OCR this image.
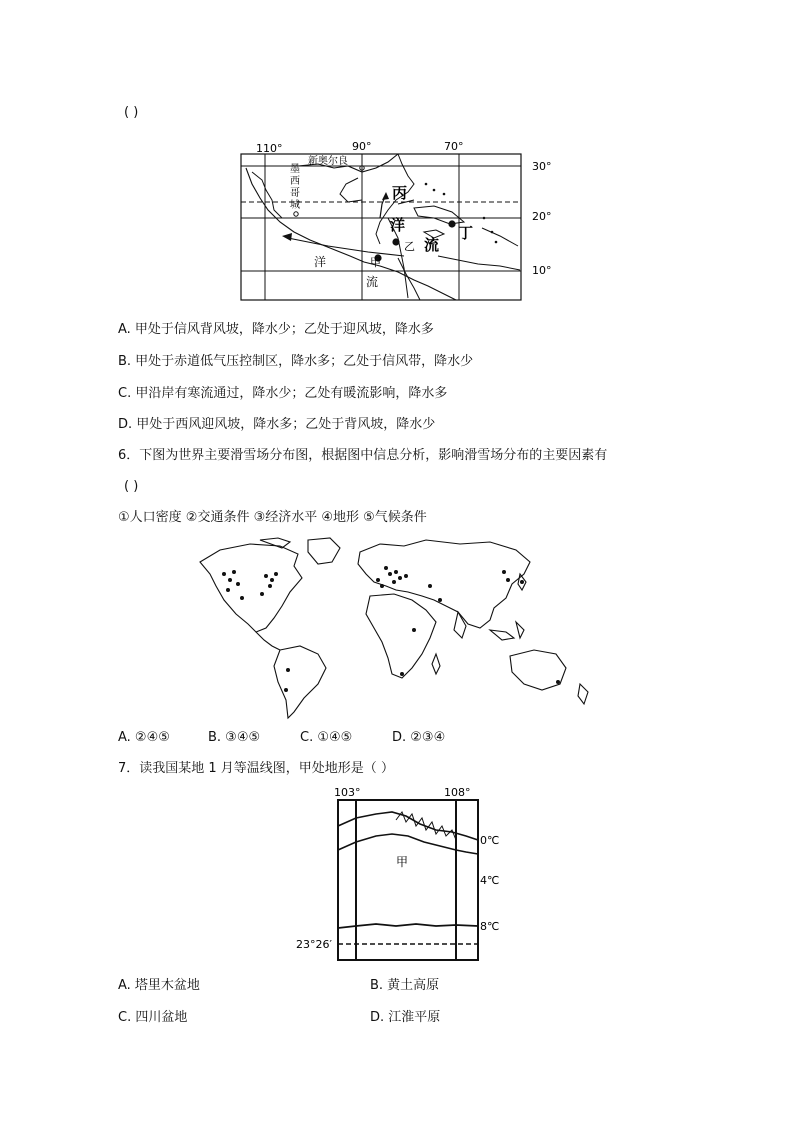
( )
110°	90°	70°
30°
20°
10°
新奥尔良
墨
西
哥
城
丙
洋
流
丁
乙
甲
洋
流
A. 甲处于信风背风坡，降水少；乙处于迎风坡，降水多
B. 甲处于赤道低气压控制区，降水多；乙处于信风带，降水少
C. 甲沿岸有寒流通过，降水少；乙处有暖流影响，降水多
D. 甲处于西风迎风坡，降水多；乙处于背风坡，降水少
6．下图为世界主要滑雪场分布图，根据图中信息分析，影响滑雪场分布的主要因素有
( )
①人口密度 ②交通条件 ③经济水平 ④地形 ⑤气候条件
A. ②④⑤	B. ③④⑤	C. ①④⑤	D. ②③④
7．读我国某地 1 月等温线图，甲处地形是（ ）
103°	108°
0℃
4℃
8℃
23°26′
甲
A. 塔里木盆地	B. 黄土高原
C. 四川盆地	D. 江淮平原
